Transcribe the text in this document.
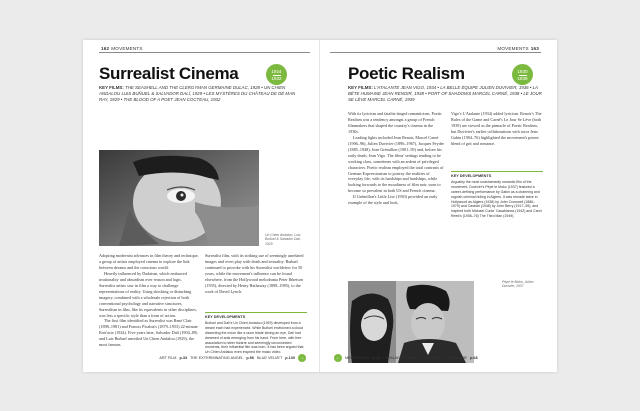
162 MOVEMENTS
Surrealist Cinema	1924
1932
KEY FILMS: THE SEASHELL AND THE CLERGYMAN GERMAINE DULAC, 1928 • UN CHIEN ANDALOU LUIS BUÑUEL & SALVADOR DALÍ, 1929 • LES MYSTÈRES DU CHÂTEAU DE DÉ MAN RAY, 1929 • THE BLOOD OF A POET JEAN COCTEAU, 1932
Un Chien Andalou, Luis Buñuel & Salvador Dalí, 1929

Adopting modernist advances in film theory and technique, a group of artists employed cinema to explore the link between dreams and the conscious world.

Heavily influenced by Dadaism, which embraced irrationality and absurdism over reason and logic, Surrealist artists saw in film a way to challenge representations of reality. Using shocking or disturbing imagery, combined with a wholesale rejection of both conventional psychology and narrative structures, Surrealism in film, like its equivalents in other disciplines, was less a specific style than a form of action.

The first film identified as Surrealist was René Clair (1898–1981) and Francis Picabia's (1879–1953) 22-minute Entr'acte (1924). Five years later, Salvador Dalí (1904–89) and Luis Buñuel unveiled Un Chien Andalou (1929), the most famous

Surrealist film, with its striking use of seemingly unrelated images and overt play with death and sexuality. Buñuel continued to provoke with his Surrealist worldview for 50 years, while the movement's influence can be found elsewhere, from the Hollywood melodrama Peter Ibbetson (1935), directed by Henry Hathaway (1898–1985), to the work of David Lynch.

KEY DEVELOPMENTS
Buñuel and Dalí's Un Chien Andalou (1929) developed from a dream each had experienced. While Buñuel envisioned a cloud dissecting the moon like a razor blade slicing an eye, Dalí had dreamed of ants emerging from his hand. From here, with free association to steer bizarre and seemingly unconnected moments, their influential film was born. It has been argued that Un Chien Andalou even inspired the music video.
ART FILM p.33 THE EXTERMINATING ANGEL p.96 BLUE VELVET p.130 →
MOVEMENTS 163
Poetic Realism	1930
1939
KEY FILMS: L'ATALANTE JEAN VIGO, 1934 • LA BELLE ÉQUIPE JULIEN DUVIVIER, 1936 • LA BÊTE HUMAINE JEAN RENOIR, 1938 • PORT OF SHADOWS MARCEL CARNÉ, 1938 • LE JOUR SE LÈVE MARCEL CARNÉ, 1939

With its lyricism and fatalist-tinged romanticism, Poetic Realism was a tendency amongst a group of French filmmakers that shaped the country's cinema in the 1930s.

Leading lights included Jean Renoir, Marcel Carné (1906–96), Julien Duvivier (1896–1967), Jacques Feyder (1885–1948), Jean Grémillon (1901–59) and, before his early death, Jean Vigo. The films' settings tending to be working class, sometimes with an ardent of privileged characters. Poetic realism employed the total contrasts of German Expressionism to portray the realities of everyday life, with its hardships and hardships, while looking forwards to the moodiness of film noir, soon to become so prevalent in both US and French cinema.

If Grémillon's Little Lise (1930) provided an early example of the style and look,

Vigo's L'Atalante (1934) added lyricism. Renoir's The Rules of the Game and Carné's Le Jour Se Lève (both 1939) are viewed as the pinnacle of Poetic Realism, but Duvivier's earlier collaborations with actor Jean Gabin (1904–76) highlighted the movement's potent blend of grit and romance.

KEY DEVELOPMENTS
Arguably the most unashamedly romantic film of the movement, Duvivier's Pépé le Moko (1937) featured a career-defining performance by Gabin as a charming and roguish criminal hiding in Algiers. It was remade twice in Hollywood as Algiers (1938) by John Cromwell (1886–1979) and Casbah (1948) by John Berry (1917–99), and inspired both Michael Curtiz' Casablanca (1942) and Carol Reed's (1906–76) The Third Man (1949).
Pépé le Moko, Julien Duvivier, 1937
←	MELODRAMA p.23 L'ATALANTE p.96 THE RULES OF THE GAME p.68
